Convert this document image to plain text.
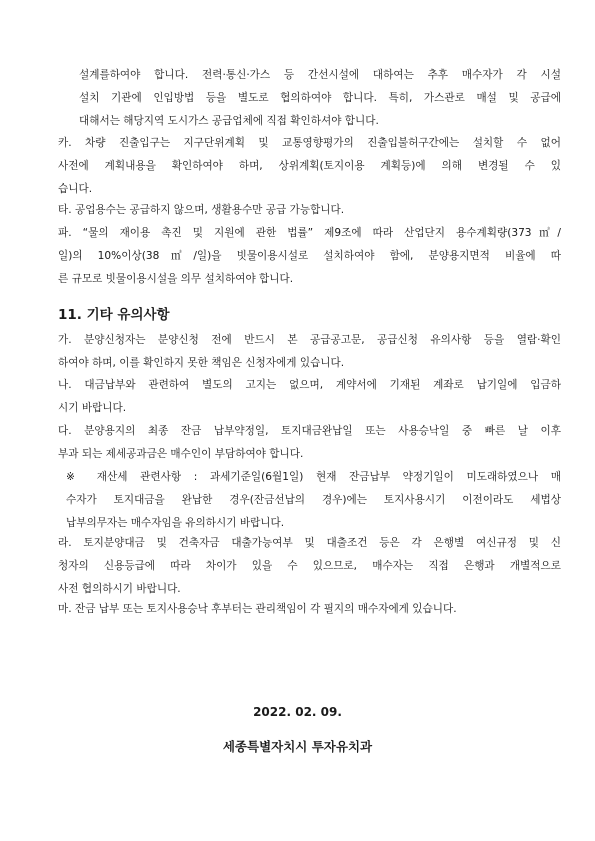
설계를하여야 합니다. 전력·통신·가스 등 간선시설에 대하여는 추후 매수자가 각 시설
설치 기관에 인입방법 등을 별도로 협의하여야 합니다. 특히, 가스관로 매설 및 공급에
대해서는 해당지역 도시가스 공급업체에 직접 확인하셔야 합니다.
카. 차량 진출입구는 지구단위계획 및 교통영향평가의 진출입불허구간에는 설치할 수 없어
사전에 계획내용을 확인하여야 하며, 상위계획(토지이용 계획등)에 의해 변경될 수 있
습니다.
타. 공업용수는 공급하지 않으며, 생활용수만 공급 가능합니다.
파. “물의 재이용 촉진 및 지원에 관한 법률” 제9조에 따라 산업단지 용수계획량(373㎥/
일)의 10%이상(38㎥/일)을 빗물이용시설로 설치하여야 함에, 분양용지면적 비율에 따
른 규모로 빗물이용시설을 의무 설치하여야 합니다.
11. 기타 유의사항
가. 분양신청자는 분양신청 전에 반드시 본 공급공고문, 공급신청 유의사항 등을 열람·확인
하여야 하며, 이를 확인하지 못한 책임은 신청자에게 있습니다.
나. 대금납부와 관련하여 별도의 고지는 없으며, 계약서에 기재된 계좌로 납기일에 입금하
시기 바랍니다.
다. 분양용지의 최종 잔금 납부약정일, 토지대금완납일 또는 사용승낙일 중 빠른 날 이후
부과 되는 제세공과금은 매수인이 부담하여야 합니다.
※ 재산세 관련사항 : 과세기준일(6월1일) 현재 잔금납부 약정기일이 미도래하였으나 매
수자가 토지대금을 완납한 경우(잔금선납의 경우)에는 토지사용시기 이전이라도 세법상
납부의무자는 매수자임을 유의하시기 바랍니다.
라. 토지분양대금 및 건축자금 대출가능여부 및 대출조건 등은 각 은행별 여신규정 및 신
청자의 신용등급에 따라 차이가 있을 수 있으므로, 매수자는 직접 은행과 개별적으로
사전 협의하시기 바랍니다.
마. 잔금 납부 또는 토지사용승낙 후부터는 관리책임이 각 필지의 매수자에게 있습니다.
2022. 02. 09.
세종특별자치시 투자유치과
